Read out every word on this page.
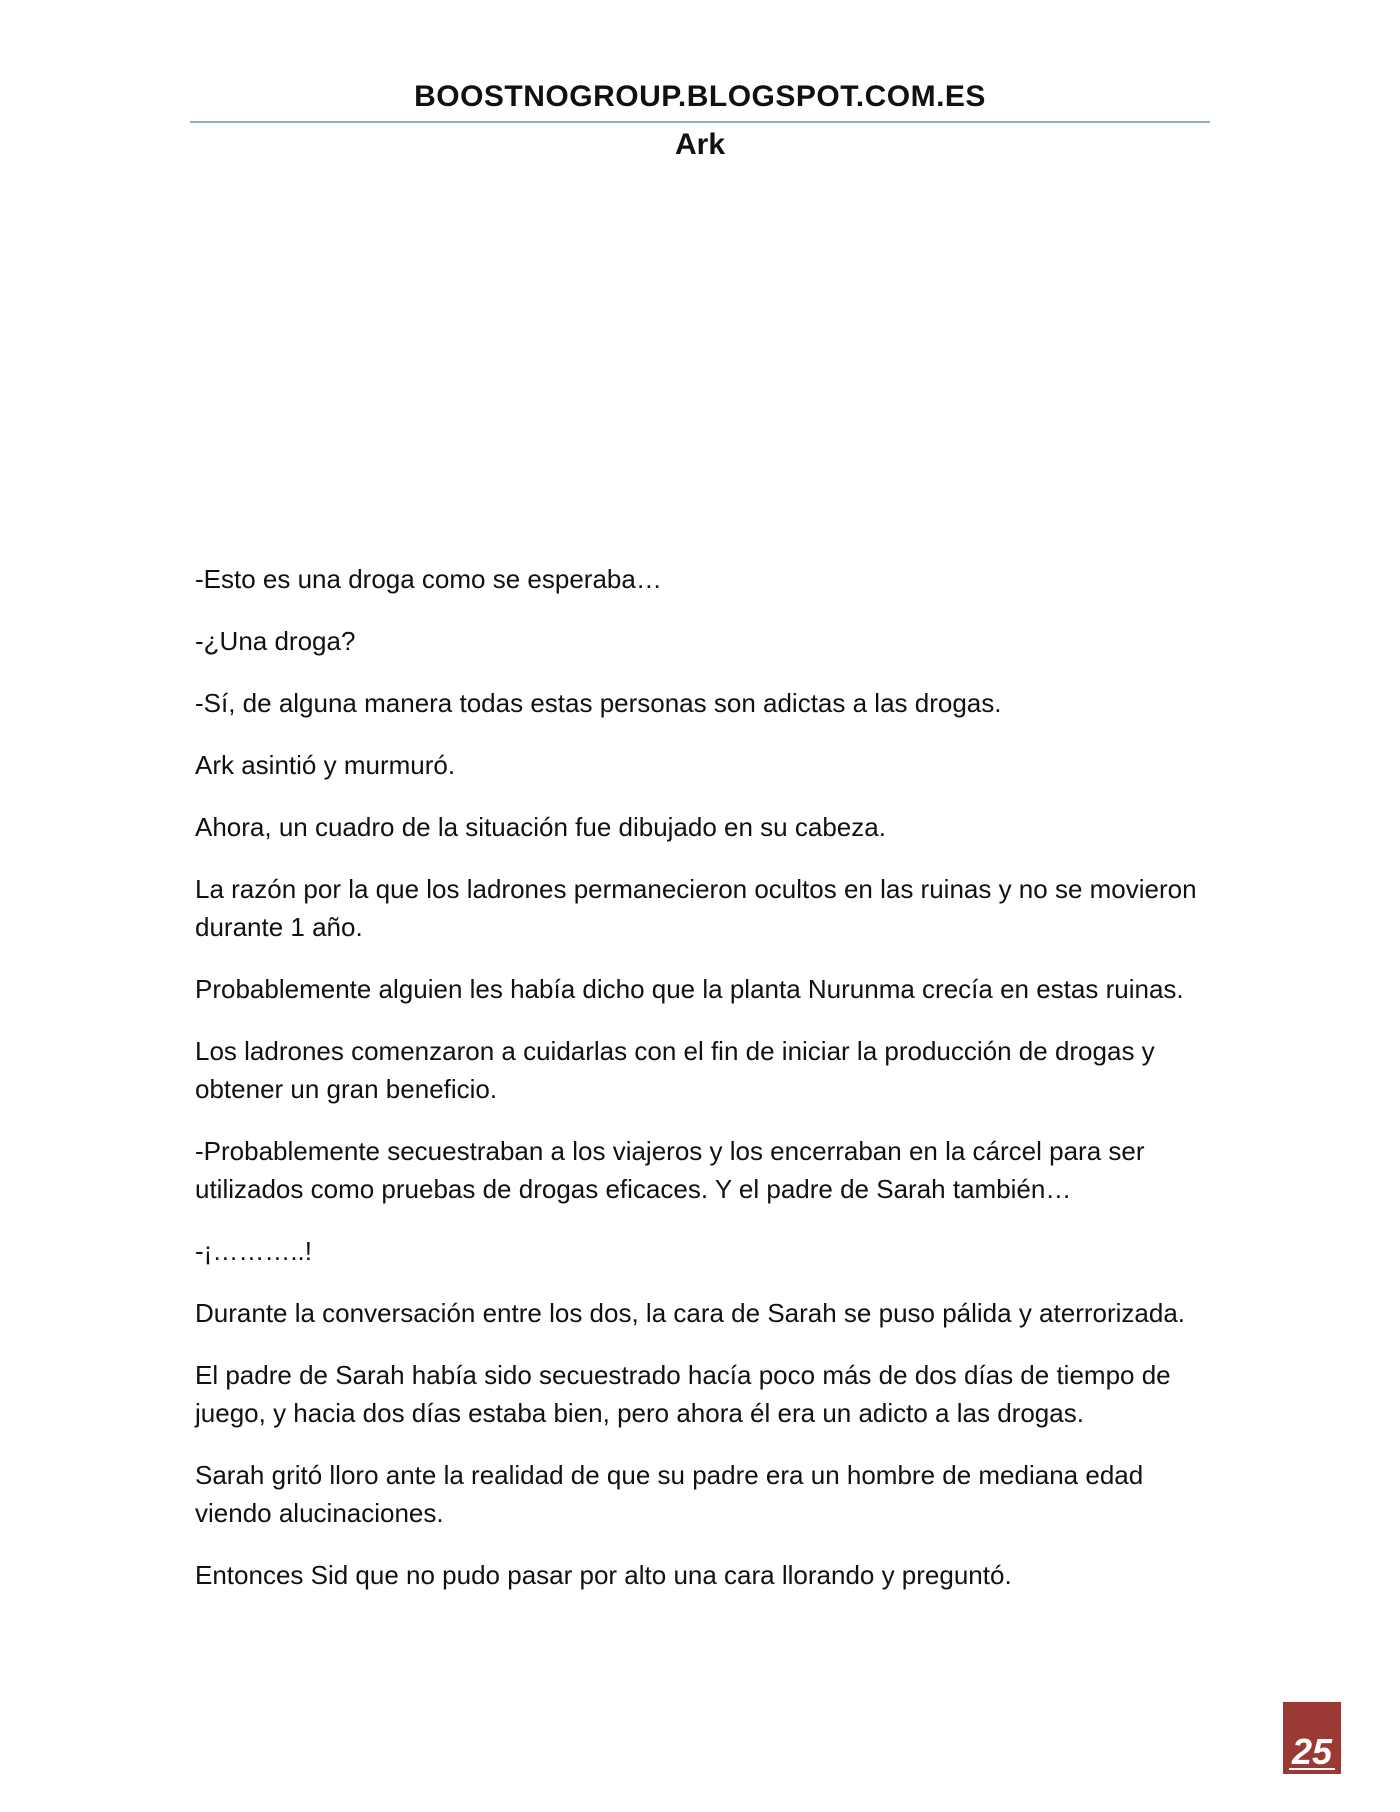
BOOSTNOGROUP.BLOGSPOT.COM.ES
Ark

-Esto es una droga como se esperaba…

-¿Una droga?

-Sí, de alguna manera todas estas personas son adictas a las drogas.

Ark asintió y murmuró.

Ahora, un cuadro de la situación fue dibujado en su cabeza.

La razón por la que los ladrones permanecieron ocultos en las ruinas y no se movieron durante 1 año.

Probablemente alguien les había dicho que la planta Nurunma crecía en estas ruinas.

Los ladrones comenzaron a cuidarlas con el fin de iniciar la producción de drogas y obtener un gran beneficio.

-Probablemente secuestraban a los viajeros y los encerraban en la cárcel para ser utilizados como pruebas de drogas eficaces. Y el padre de Sarah también…

-¡………..!

Durante la conversación entre los dos, la cara de Sarah se puso pálida y aterrorizada.

El padre de Sarah había sido secuestrado hacía poco más de dos días de tiempo de juego, y hacia dos días estaba bien, pero ahora él era un adicto a las drogas.

Sarah gritó lloro ante la realidad de que su padre era un hombre de mediana edad viendo alucinaciones.

Entonces Sid que no pudo pasar por alto una cara llorando y preguntó.

25
